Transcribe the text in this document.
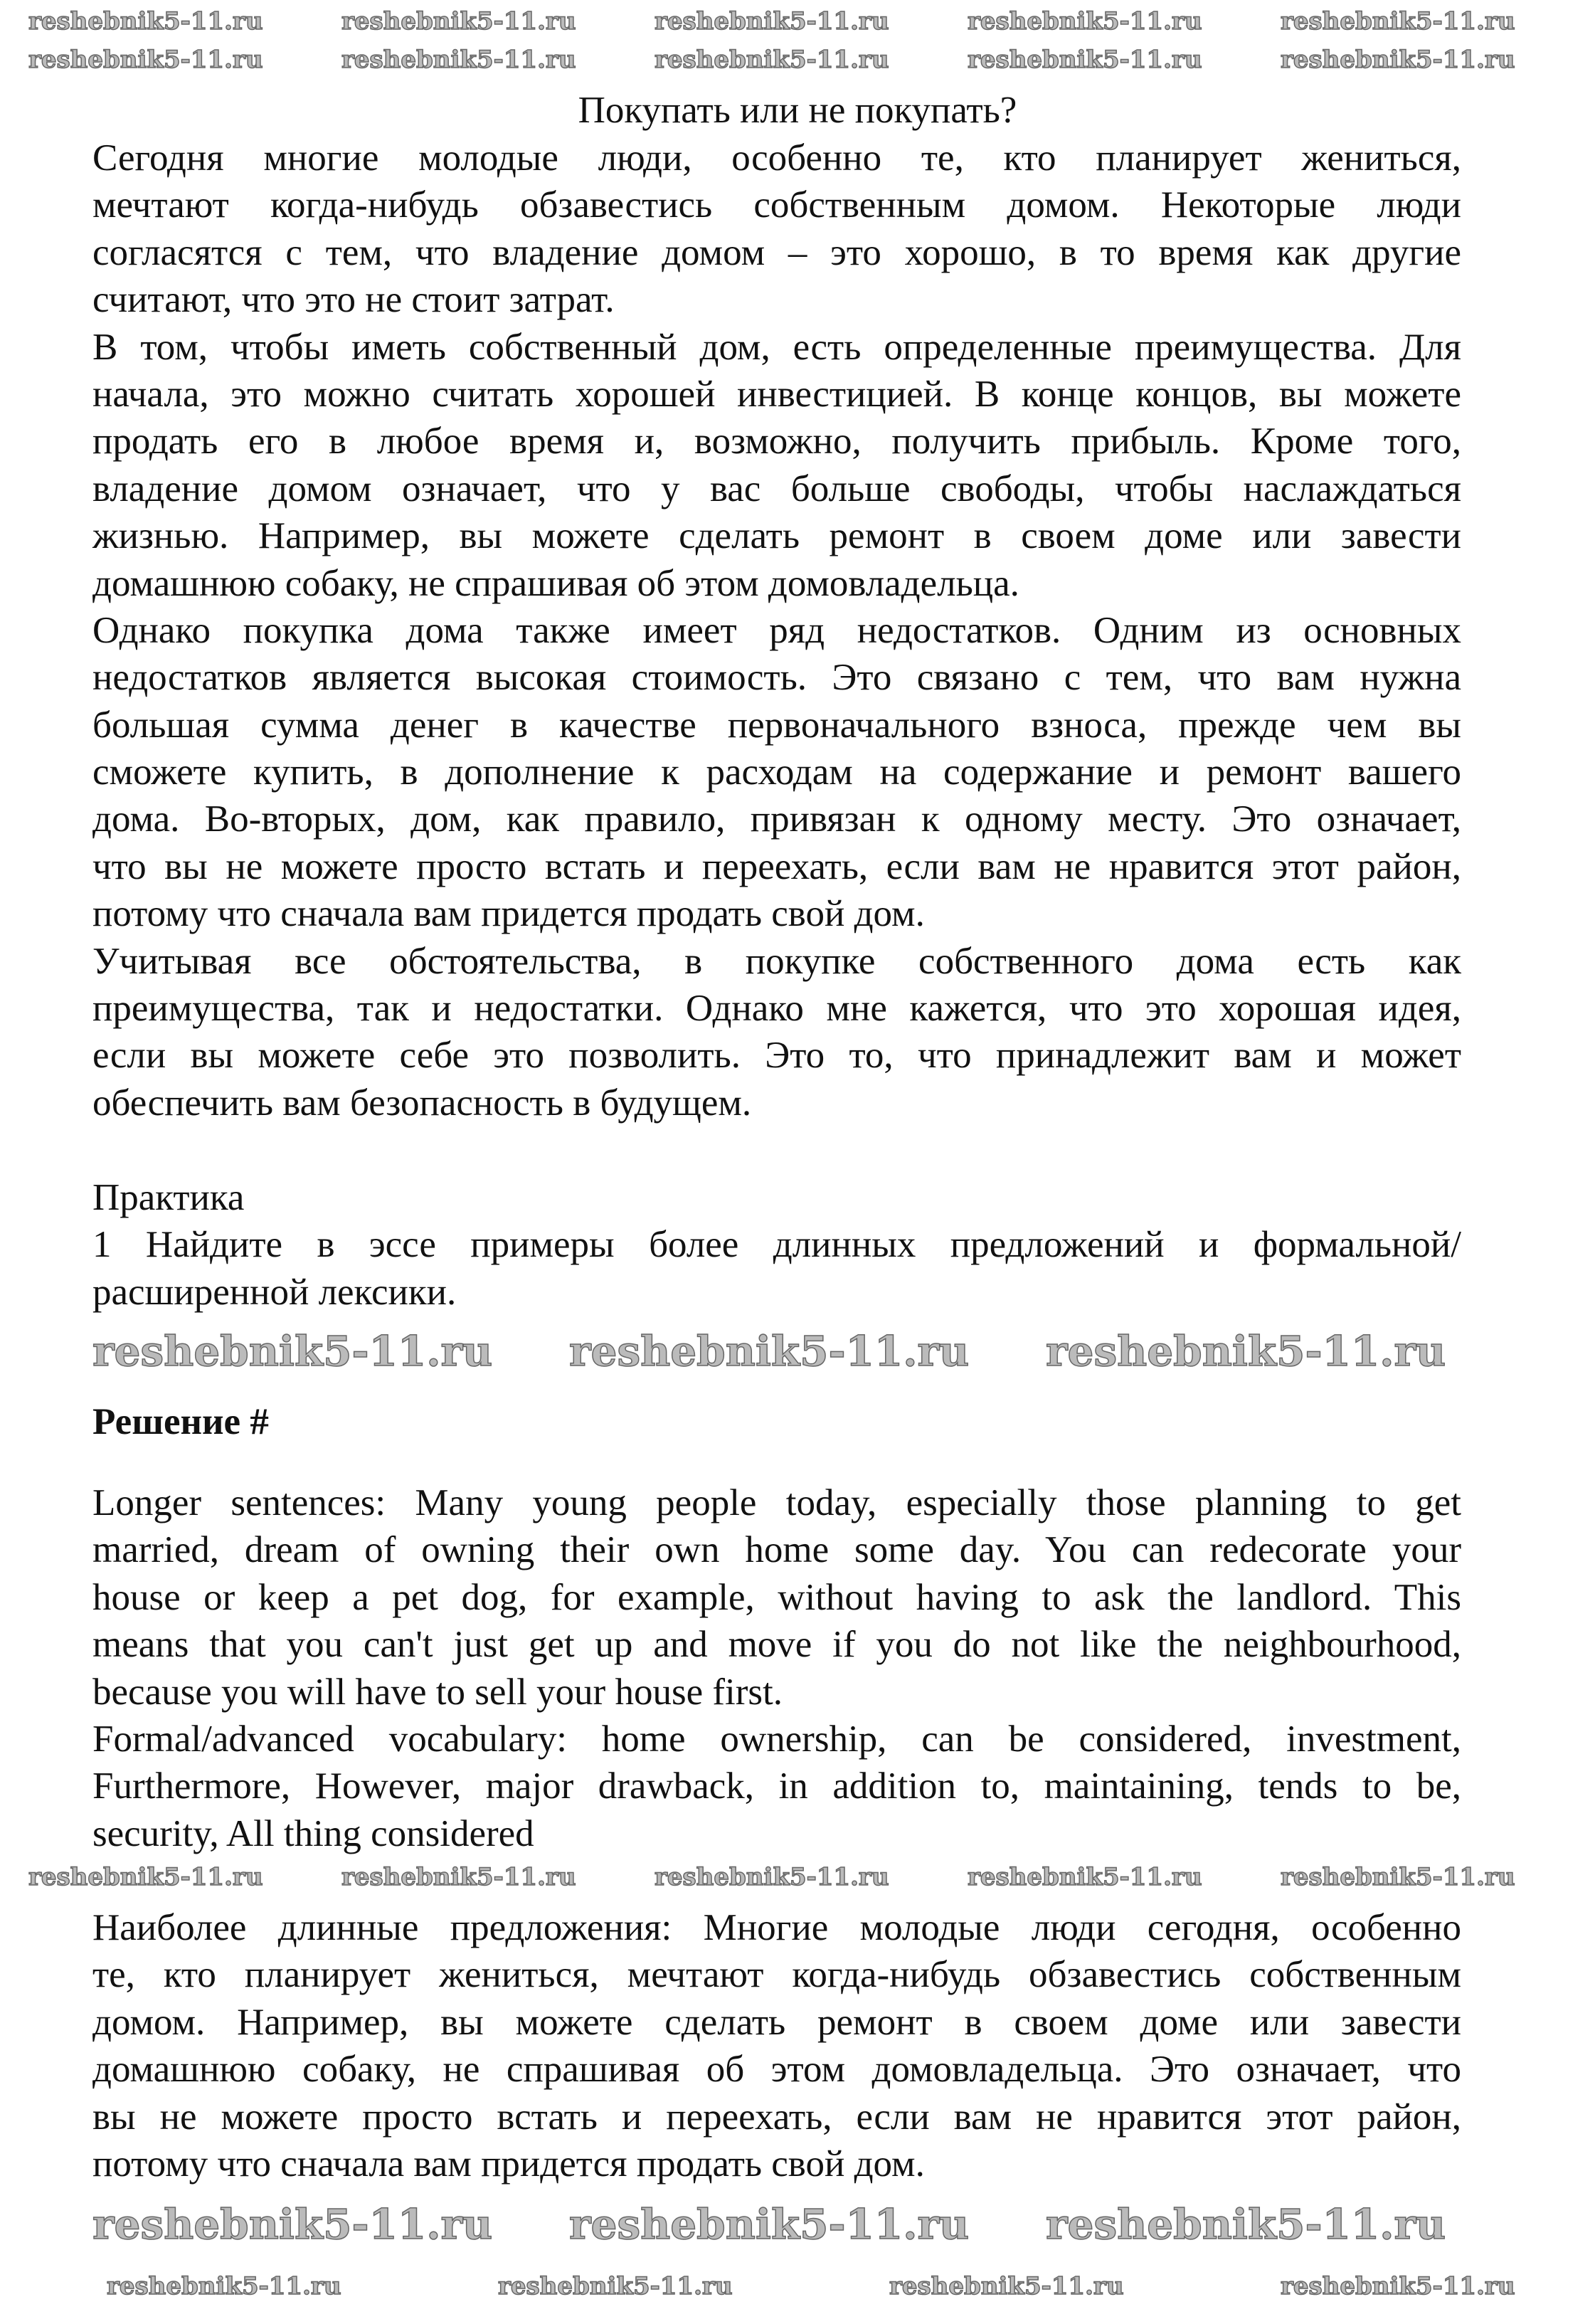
Покупать или не покупать?
Сегодня многие молодые люди, особенно те, кто планирует жениться,
мечтают когда-нибудь обзавестись собственным домом. Некоторые люди
согласятся с тем, что владение домом – это хорошо, в то время как другие
считают, что это не стоит затрат.
В том, чтобы иметь собственный дом, есть определенные преимущества. Для
начала, это можно считать хорошей инвестицией. В конце концов, вы можете
продать его в любое время и, возможно, получить прибыль. Кроме того,
владение домом означает, что у вас больше свободы, чтобы наслаждаться
жизнью. Например, вы можете сделать ремонт в своем доме или завести
домашнюю собаку, не спрашивая об этом домовладельца.
Однако покупка дома также имеет ряд недостатков. Одним из основных
недостатков является высокая стоимость. Это связано с тем, что вам нужна
большая сумма денег в качестве первоначального взноса, прежде чем вы
сможете купить, в дополнение к расходам на содержание и ремонт вашего
дома. Во-вторых, дом, как правило, привязан к одному месту. Это означает,
что вы не можете просто встать и переехать, если вам не нравится этот район,
потому что сначала вам придется продать свой дом.
Учитывая все обстоятельства, в покупке собственного дома есть как
преимущества, так и недостатки. Однако мне кажется, что это хорошая идея,
если вы можете себе это позволить. Это то, что принадлежит вам и может
обеспечить вам безопасность в будущем.
Практика
1 Найдите в эссе примеры более длинных предложений и формальной/
расширенной лексики.
Решение #
Longer sentences: Many young people today, especially those planning to get
married, dream of owning their own home some day. You can redecorate your
house or keep a pet dog, for example, without having to ask the landlord. This
means that you can't just get up and move if you do not like the neighbourhood,
because you will have to sell your house first.
Formal/advanced vocabulary: home ownership, can be considered, investment,
Furthermore, However, major drawback, in addition to, maintaining, tends to be,
security, All thing considered
Наиболее длинные предложения: Многие молодые люди сегодня, особенно
те, кто планирует жениться, мечтают когда-нибудь обзавестись собственным
домом. Например, вы можете сделать ремонт в своем доме или завести
домашнюю собаку, не спрашивая об этом домовладельца. Это означает, что
вы не можете просто встать и переехать, если вам не нравится этот район,
потому что сначала вам придется продать свой дом.
reshebnik5-11.ru	reshebnik5-11.ru	reshebnik5-11.ru	reshebnik5-11.ru	reshebnik5-11.ru
reshebnik5-11.ru	reshebnik5-11.ru	reshebnik5-11.ru	reshebnik5-11.ru	reshebnik5-11.ru
reshebnik5-11.ru reshebnik5-11.ru reshebnik5-11.ru
reshebnik5-11.ru	reshebnik5-11.ru	reshebnik5-11.ru	reshebnik5-11.ru	reshebnik5-11.ru
reshebnik5-11.ru reshebnik5-11.ru reshebnik5-11.ru
reshebnik5-11.ru	reshebnik5-11.ru	reshebnik5-11.ru	reshebnik5-11.ru
